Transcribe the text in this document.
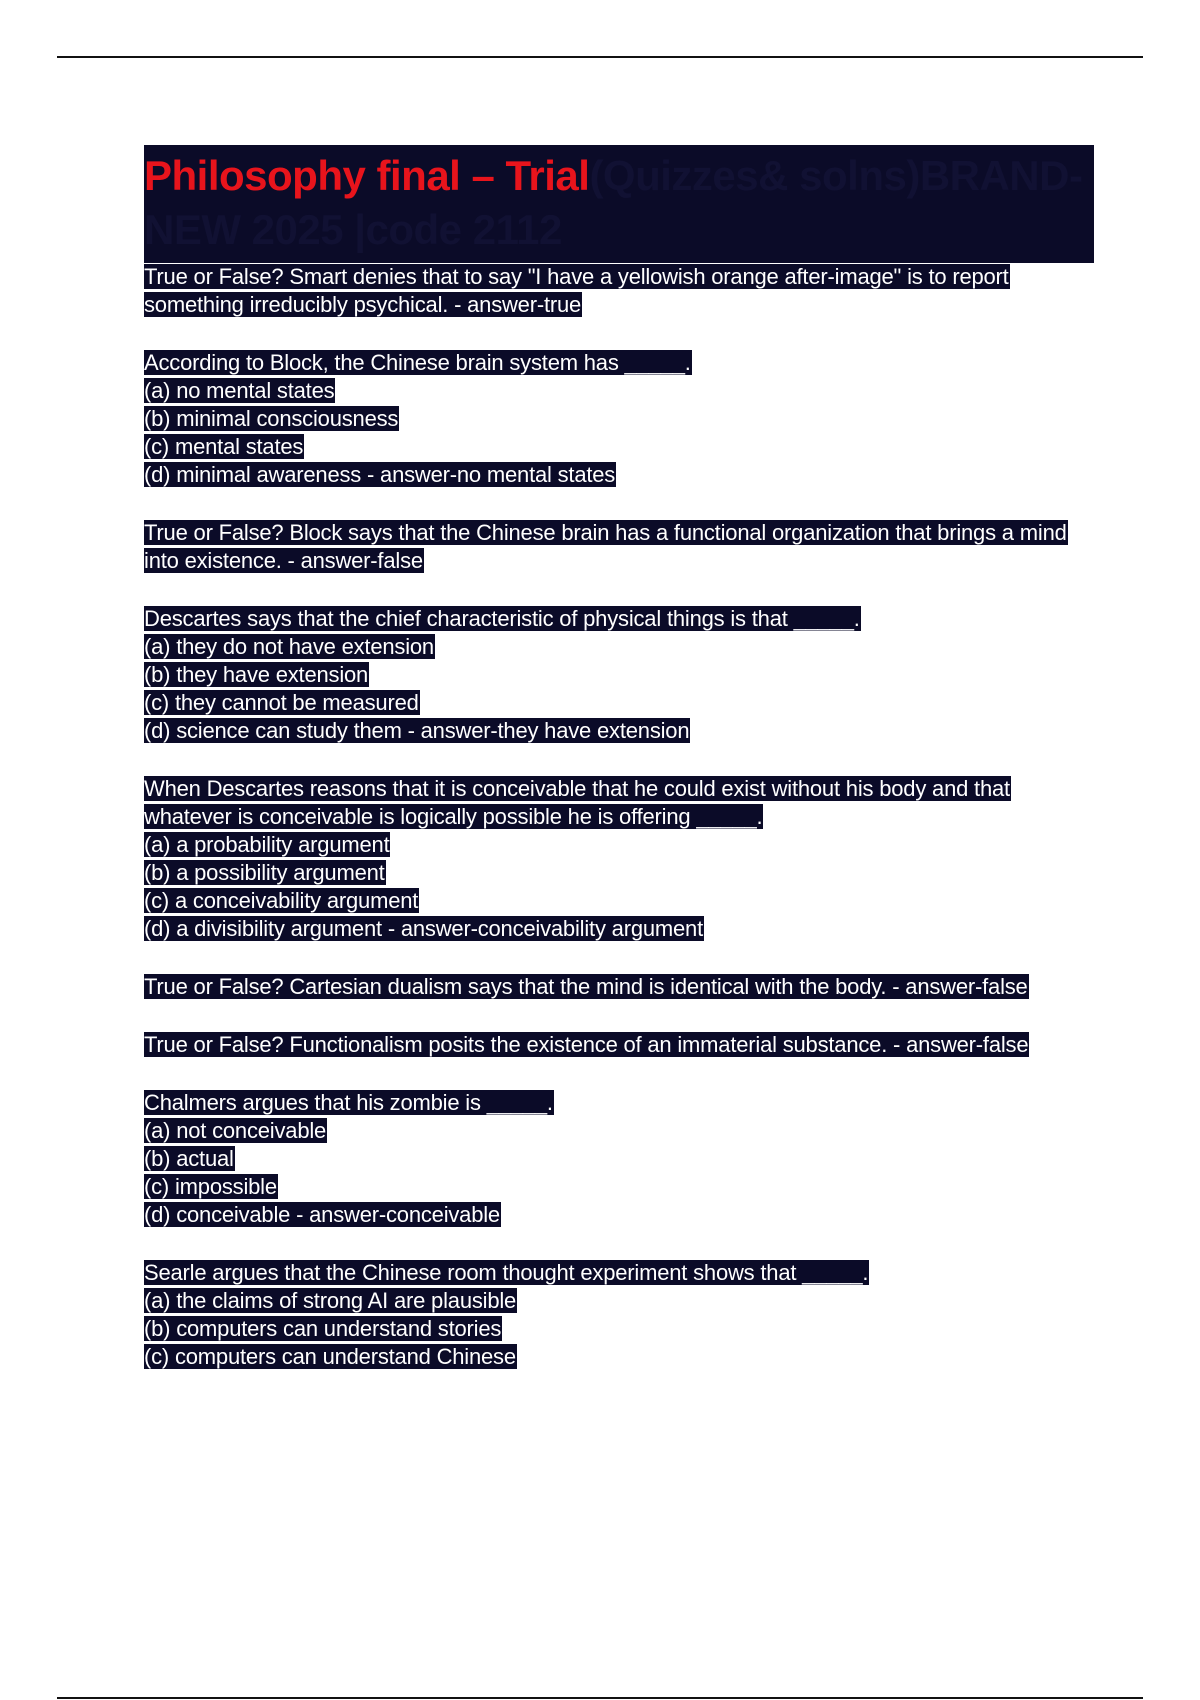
Philosophy final – Trial(Quizzes& solns)BRAND-NEW 2025 |code 2112
True or False? Smart denies that to say "I have a yellowish orange after-image" is to report something irreducibly psychical. - answer-true
According to Block, the Chinese brain system has _____.
(a) no mental states
(b) minimal consciousness
(c) mental states
(d) minimal awareness - answer-no mental states
True or False? Block says that the Chinese brain has a functional organization that brings a mind into existence. - answer-false
Descartes says that the chief characteristic of physical things is that _____.
(a) they do not have extension
(b) they have extension
(c) they cannot be measured
(d) science can study them - answer-they have extension
When Descartes reasons that it is conceivable that he could exist without his body and that whatever is conceivable is logically possible he is offering _____.
(a) a probability argument
(b) a possibility argument
(c) a conceivability argument
(d) a divisibility argument - answer-conceivability argument
True or False? Cartesian dualism says that the mind is identical with the body. - answer-false
True or False? Functionalism posits the existence of an immaterial substance. - answer-false
Chalmers argues that his zombie is _____.
(a) not conceivable
(b) actual
(c) impossible
(d) conceivable - answer-conceivable
Searle argues that the Chinese room thought experiment shows that _____.
(a) the claims of strong AI are plausible
(b) computers can understand stories
(c) computers can understand Chinese
